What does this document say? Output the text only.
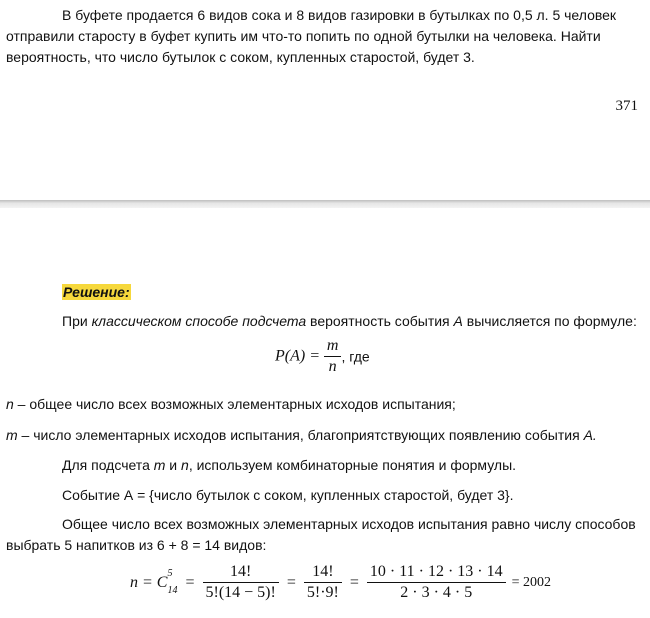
В буфете продается 6 видов сока и 8 видов газировки в бутылках по 0,5 л. 5 человек
отправили старосту в буфет купить им что-то попить по одной бутылки на человека. Найти
вероятность, что число бутылок с соком, купленных старостой, будет 3.
371
Решение:
При классическом способе подсчета вероятность события A вычисляется по формуле:
$P(A) = \frac{m}{n}$ , где
n – общее число всех возможных элементарных исходов испытания;
m – число элементарных исходов испытания, благоприятствующих появлению события A.
Для подсчета m и n, используем комбинаторные понятия и формулы.
Событие А = {число бутылок с соком, купленных старостой, будет 3}.
Общее число всех возможных элементарных исходов испытания равно числу способов
выбрать 5 напитков из 6 + 8 = 14 видов:
n = C
5
$14 = \frac{14!}{5!(14 - 5)!} = \frac{14!}{5!\cdot 9!} = \frac{10 \cdot 11 \cdot 12 \cdot 13 \cdot 14}{2 \cdot 3 \cdot 4 \cdot 5} = 2002$
